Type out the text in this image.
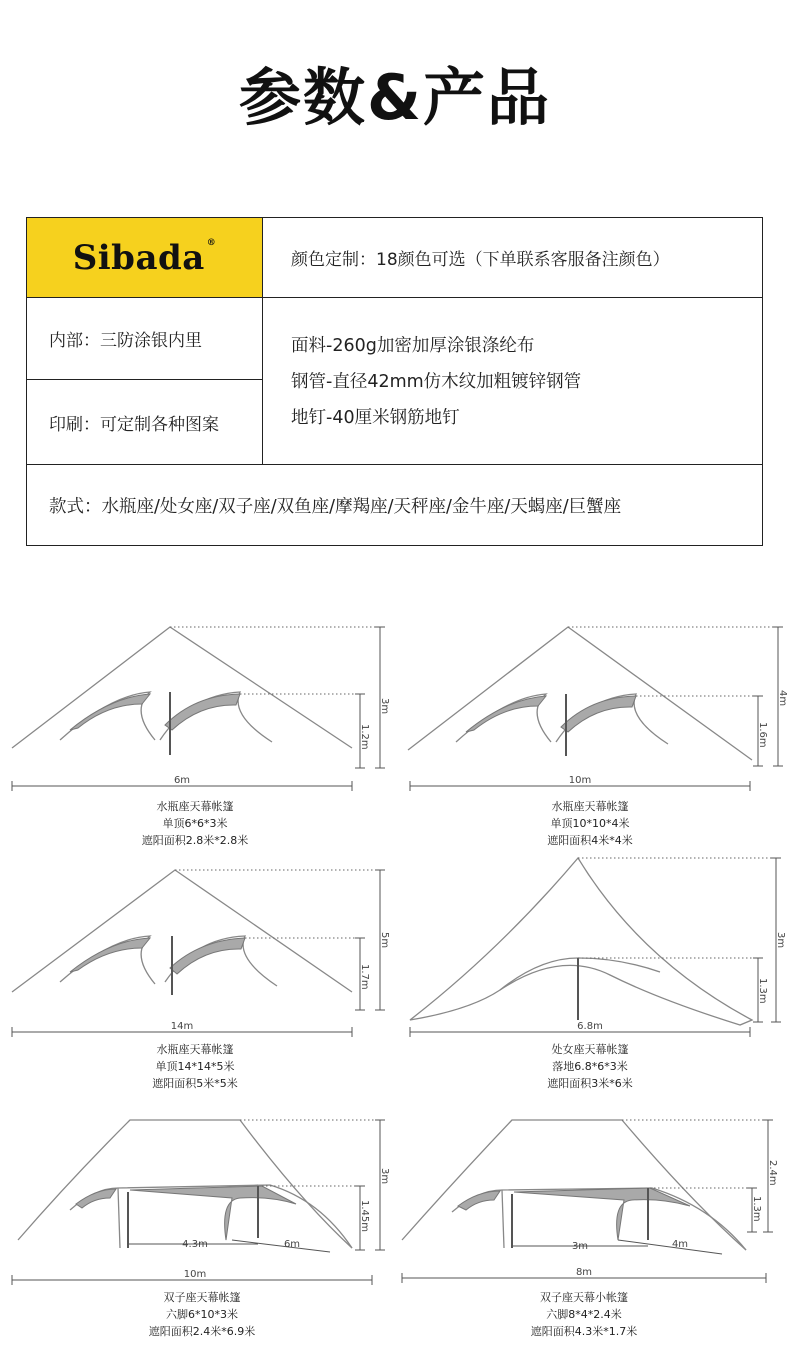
参数&产品
Sibada ®
颜色定制：18颜色可选（下单联系客服备注颜色）
内部：三防涂银内里
印刷：可定制各种图案
面料-260g加密加厚涂银涤纶布
钢管-直径42mm仿木纹加粗镀锌钢管
地钉-40厘米钢筋地钉
款式：水瓶座/处女座/双子座/双鱼座/摩羯座/天秤座/金牛座/天蝎座/巨蟹座
3m
1.2m
6m
水瓶座天幕帐篷
单顶6*6*3米
遮阳面积2.8米*2.8米
4m
1.6m
10m
水瓶座天幕帐篷
单顶10*10*4米
遮阳面积4米*4米
5m
1.7m
14m
水瓶座天幕帐篷
单顶14*14*5米
遮阳面积5米*5米
3m
1.3m
6.8m
处女座天幕帐篷
落地6.8*6*3米
遮阳面积3米*6米
3m
1.45m
4.3m	6m
10m
双子座天幕帐篷
六脚6*10*3米
遮阳面积2.4米*6.9米
2.4m
1.3m
3m	4m
8m
双子座天幕小帐篷
六脚8*4*2.4米
遮阳面积4.3米*1.7米
